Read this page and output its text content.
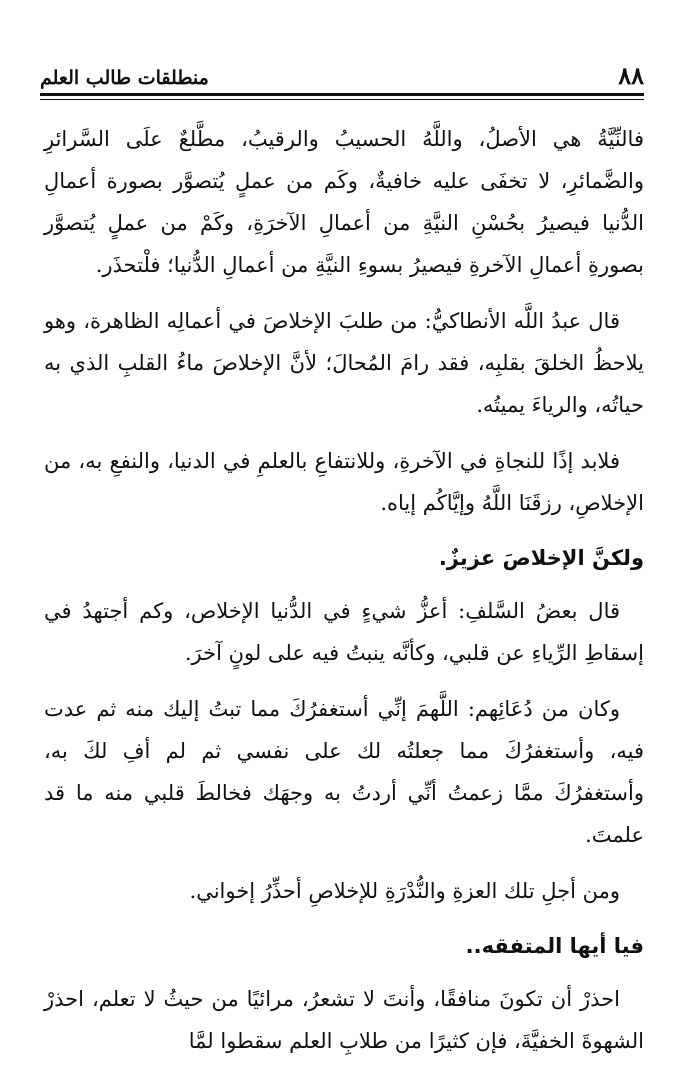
٨٨
منطلقات طالب العلم

فالنِّيَّةُ هي الأصلُ، واللَّهُ الحسيبُ والرقيبُ، مطَّلعٌ علَى السَّرائرِ والضَّمائرِ، لا تخفَى عليه خافيةٌ، وكَم من عملٍ يُتصوَّر بصورة أعمالِ الدُّنيا فيصيرُ بحُسْنِ النيَّةِ من أعمالِ الآخرَةِ، وكَمْ من عملٍ يُتصوَّر بصورةِ أعمالِ الآخرةِ فيصيرُ بسوءِ النيَّةِ من أعمالِ الدُّنيا؛ فلْتحذَر.

قال عبدُ اللَّه الأنطاكيُّ: من طلبَ الإخلاصَ في أعمالِه الظاهرة، وهو يلاحظُ الخلقَ بقلبِه، فقد رامَ المُحالَ؛ لأنَّ الإخلاصَ ماءُ القلبِ الذي به حياتُه، والرياءَ يميتُه.

فلابد إذًا للنجاةِ في الآخرةِ، وللانتفاعِ بالعلمِ في الدنيا، والنفعِ به، من الإخلاصِ، رزقَنَا اللَّهُ وإيَّاكُم إياه.

ولكنَّ الإخلاصَ عزيزٌ.

قال بعضُ السَّلفِ: أعزُّ شيءٍ في الدُّنيا الإخلاص، وكم أجتهدُ في إسقاطِ الرِّياءِ عن قلبي، وكأنَّه ينبتُ فيه على لونٍ آخرَ.

وكان من دُعَائِهم: اللَّهمَ إنِّي أستغفرُكَ مما تبتُ إليك منه ثم عدت فيه، وأستغفرُكَ مما جعلتُه لك على نفسي ثم لم أفِ لكَ به، وأستغفرُكَ ممَّا زعمتُ أنِّي أردتُ به وجهَك فخالطَ قلبي منه ما قد علمتَ.

ومن أجلِ تلك العزةِ والنُّدْرَةِ للإخلاصِ أحذِّرُ إخواني.

فيا أيها المتفقه..

احذرْ أن تكونَ منافقًا، وأنتَ لا تشعرُ، مرائيًا من حيثُ لا تعلم، احذرْ الشهوةَ الخفيَّةَ، فإن كثيرًا من طلابِ العلم سقطوا لمَّا
